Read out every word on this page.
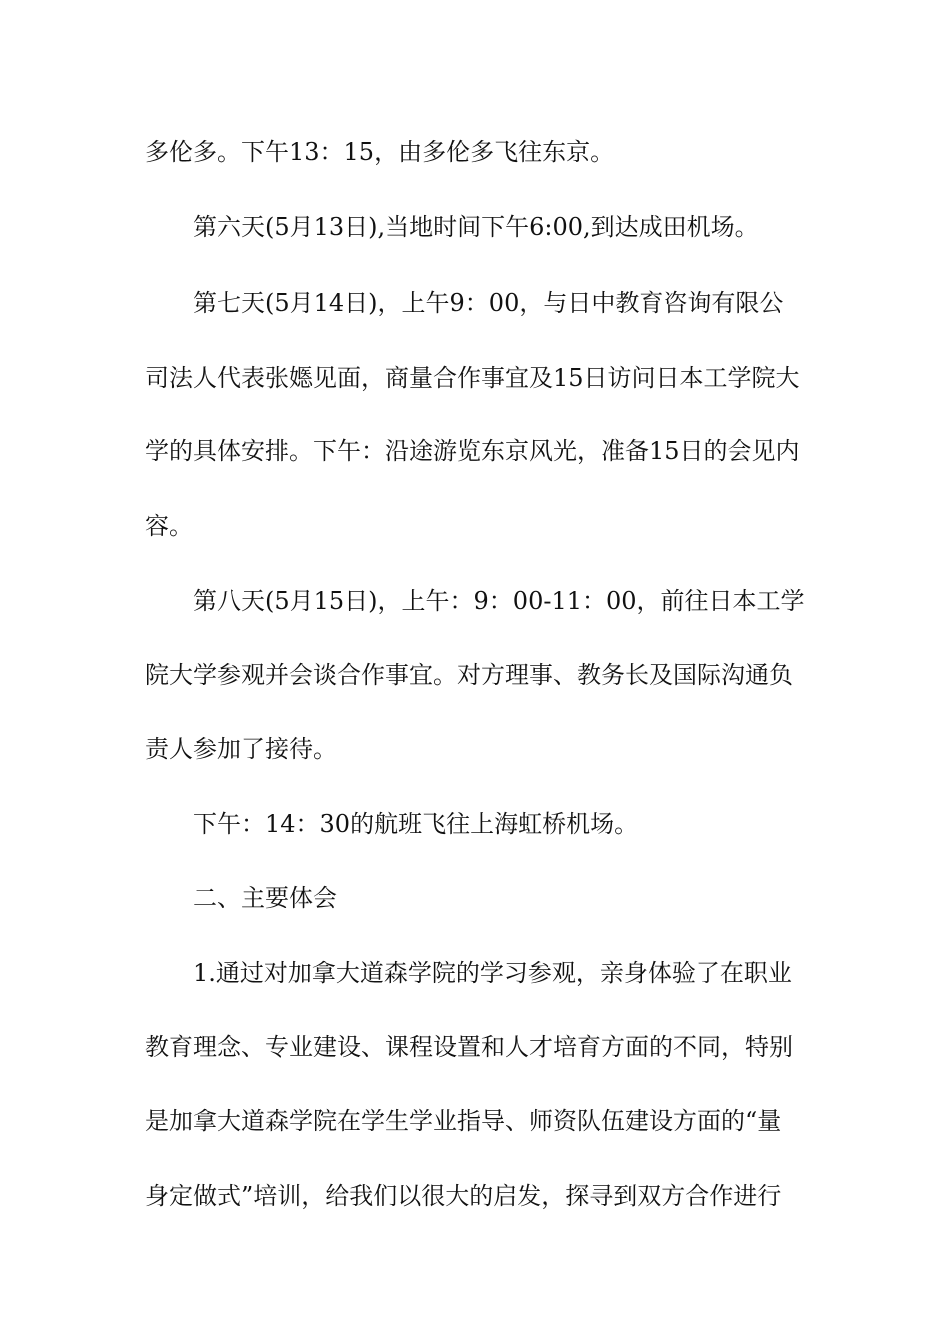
多伦多。下午13：15，由多伦多飞往东京。
第六天(5月13日),当地时间下午6:00,到达成田机场。
第七天(5月14日)，上午9：00，与日中教育咨询有限公
司法人代表张嫕见面，商量合作事宜及15日访问日本工学院大
学的具体安排。下午：沿途游览东京风光，准备15日的会见内
容。
第八天(5月15日)，上午：9：00-11：00，前往日本工学
院大学参观并会谈合作事宜。对方理事、教务长及国际沟通负
责人参加了接待。
下午：14：30的航班飞往上海虹桥机场。
二、主要体会
1.通过对加拿大道森学院的学习参观，亲身体验了在职业
教育理念、专业建设、课程设置和人才培育方面的不同，特别
是加拿大道森学院在学生学业指导、师资队伍建设方面的“量
身定做式”培训，给我们以很大的启发，探寻到双方合作进行
